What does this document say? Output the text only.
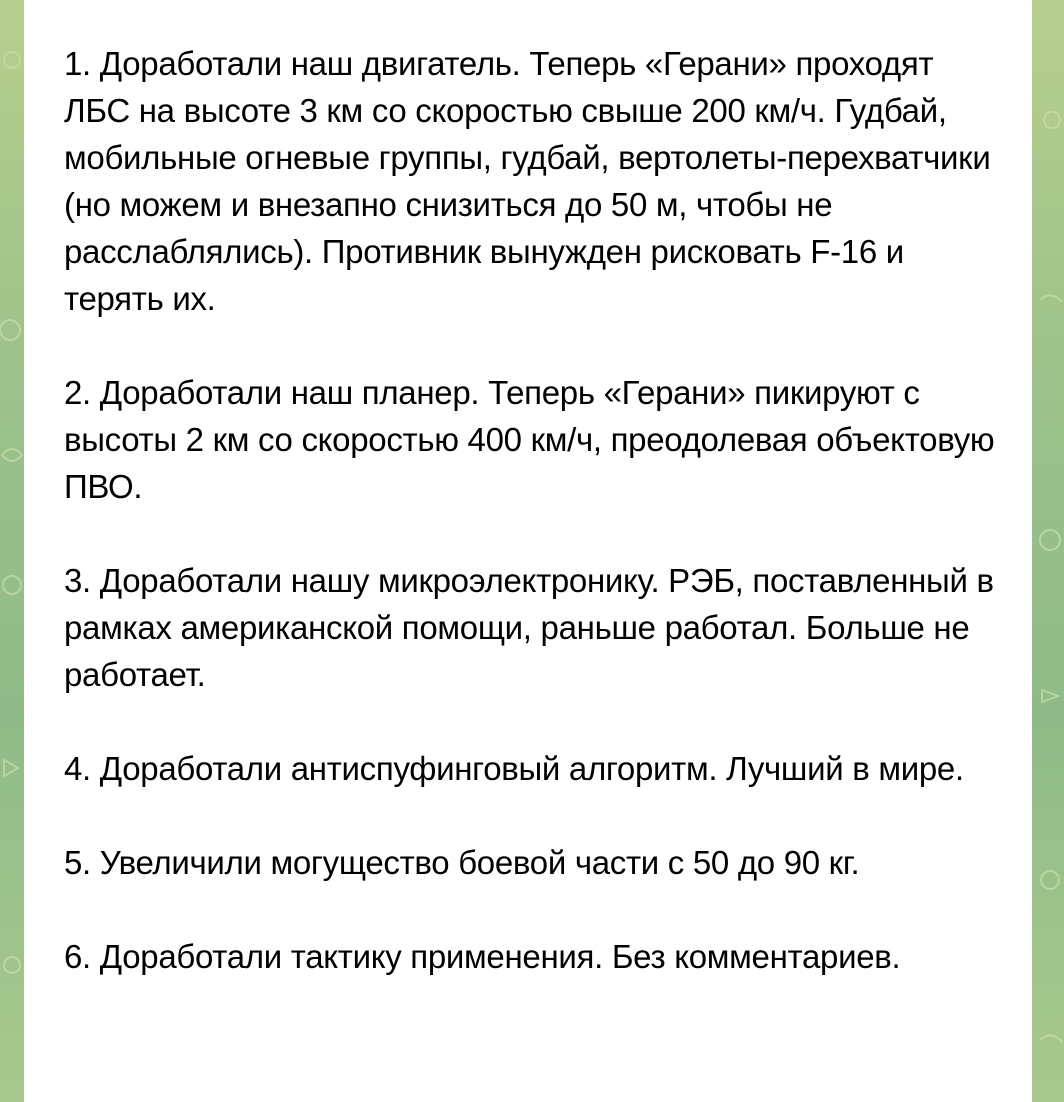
1. Доработали наш двигатель. Теперь «Герани» проходят ЛБС на высоте 3 км со скоростью свыше 200 км/ч. Гудбай, мобильные огневые группы, гудбай, вертолеты-перехватчики (но можем и внезапно снизиться до 50 м, чтобы не расслаблялись). Противник вынужден рисковать F-16 и терять их.

2. Доработали наш планер. Теперь «Герани» пикируют с высоты 2 км со скоростью 400 км/ч, преодолевая объектовую ПВО.

3. Доработали нашу микроэлектронику. РЭБ, поставленный в рамках американской помощи, раньше работал. Больше не работает.

4. Доработали антиспуфинговый алгоритм. Лучший в мире.

5. Увеличили могущество боевой части с 50 до 90 кг.

6. Доработали тактику применения. Без комментариев.
